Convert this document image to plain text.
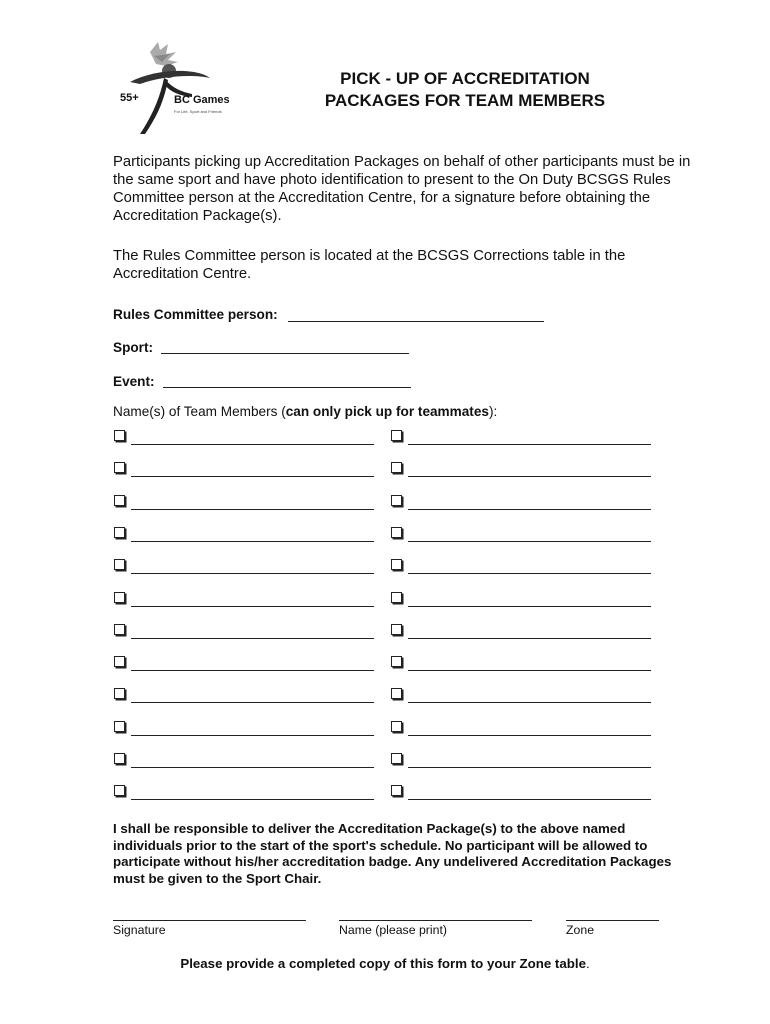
55+	BC Games
For Life, Sport and Friends
PICK - UP OF ACCREDITATION
PACKAGES FOR TEAM MEMBERS
Participants picking up Accreditation Packages on behalf of other participants must be in the same sport and have photo identification to present to the On Duty BCSGS Rules Committee person at the Accreditation Centre, for a signature before obtaining the Accreditation Package(s).
The Rules Committee person is located at the BCSGS Corrections table in the Accreditation Centre.
Rules Committee person:
Sport:
Event:
Name(s) of Team Members (can only pick up for teammates):
I shall be responsible to deliver the Accreditation Package(s) to the above named individuals prior to the start of the sport's schedule. No participant will be allowed to participate without his/her accreditation badge. Any undelivered Accreditation Packages must be given to the Sport Chair.
Signature	Name (please print)	Zone
Please provide a completed copy of this form to your Zone table.
